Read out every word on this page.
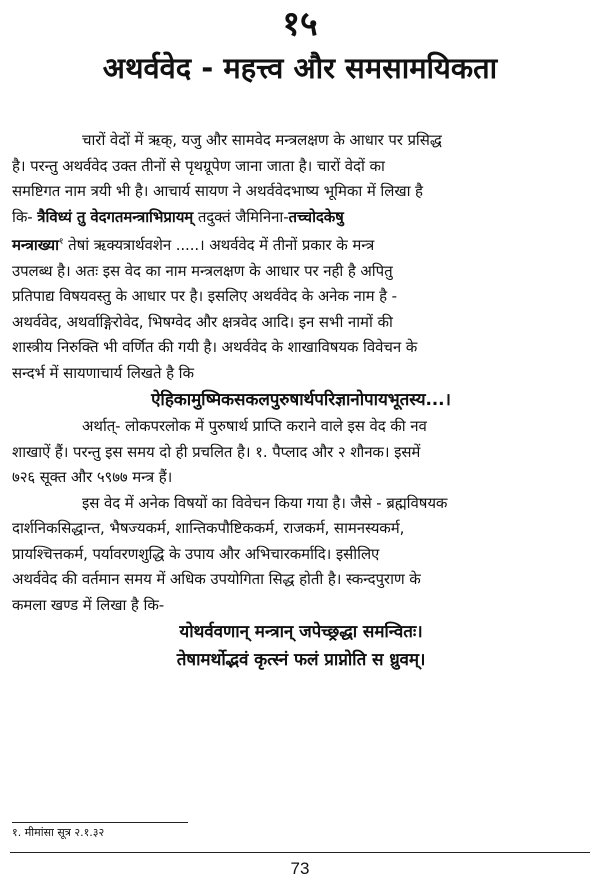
१५
अथर्ववेद - महत्त्व और समसामयिकता
चारों वेदों में ऋक्, यजु और सामवेद मन्त्रलक्षण के आधार पर प्रसिद्ध
है। परन्तु अथर्ववेद उक्त तीनों से पृथग्रूपेण जाना जाता है। चारों वेदों का
समष्टिगत नाम त्रयी भी है। आचार्य सायण ने अथर्ववेदभाष्य भूमिका में लिखा है
कि- त्रैविध्यं तु वेदगतमन्त्राभिप्रायम् तदुक्तं जैमिनिना-तच्चोदकेषु
मन्त्राख्या$^१$ तेषां ऋक्यत्रार्थवशेन .....। अथर्ववेद में तीनों प्रकार के मन्त्र
उपलब्ध है। अतः इस वेद का नाम मन्त्रलक्षण के आधार पर नही है अपितु
प्रतिपाद्य विषयवस्तु के आधार पर है। इसलिए अथर्ववेद के अनेक नाम है -
अथर्ववेद, अथर्वाङ्गिरोवेद, भिषग्वेद और क्षत्रवेद आदि। इन सभी नामों की
शास्त्रीय निरुक्ति भी वर्णित की गयी है। अथर्ववेद के शाखाविषयक विवेचन के
सन्दर्भ में सायणाचार्य लिखते है कि
ऐहिकामुष्मिकसकलपुरुषार्थपरिज्ञानोपायभूतस्य...।
अर्थात्- लोकपरलोक में पुरुषार्थ प्राप्ति कराने वाले इस वेद की नव
शाखाऐं हैं। परन्तु इस समय दो ही प्रचलित है। १. पैप्लाद और २ शौनक। इसमें
७२६ सूक्त और ५९७७ मन्त्र हैं।
इस वेद में अनेक विषयों का विवेचन किया गया है। जैसे - ब्रह्मविषयक
दार्शनिकसिद्धान्त, भैषज्यकर्म, शान्तिकपौष्टिककर्म, राजकर्म, सामनस्यकर्म,
प्रायश्चित्तकर्म, पर्यावरणशुद्धि के उपाय और अभिचारकर्मादि। इसीलिए
अथर्ववेद की वर्तमान समय में अधिक उपयोगिता सिद्ध होती है। स्कन्दपुराण के
कमला खण्ड में लिखा है कि-
योथर्ववणान् मन्त्रान् जपेच्छ्रद्धा समन्वितः।
तेषामर्थोद्भवं कृत्स्नं फलं प्राप्नोति स ध्रुवम्।
१. मीमांसा सूत्र २.१.३२
73
